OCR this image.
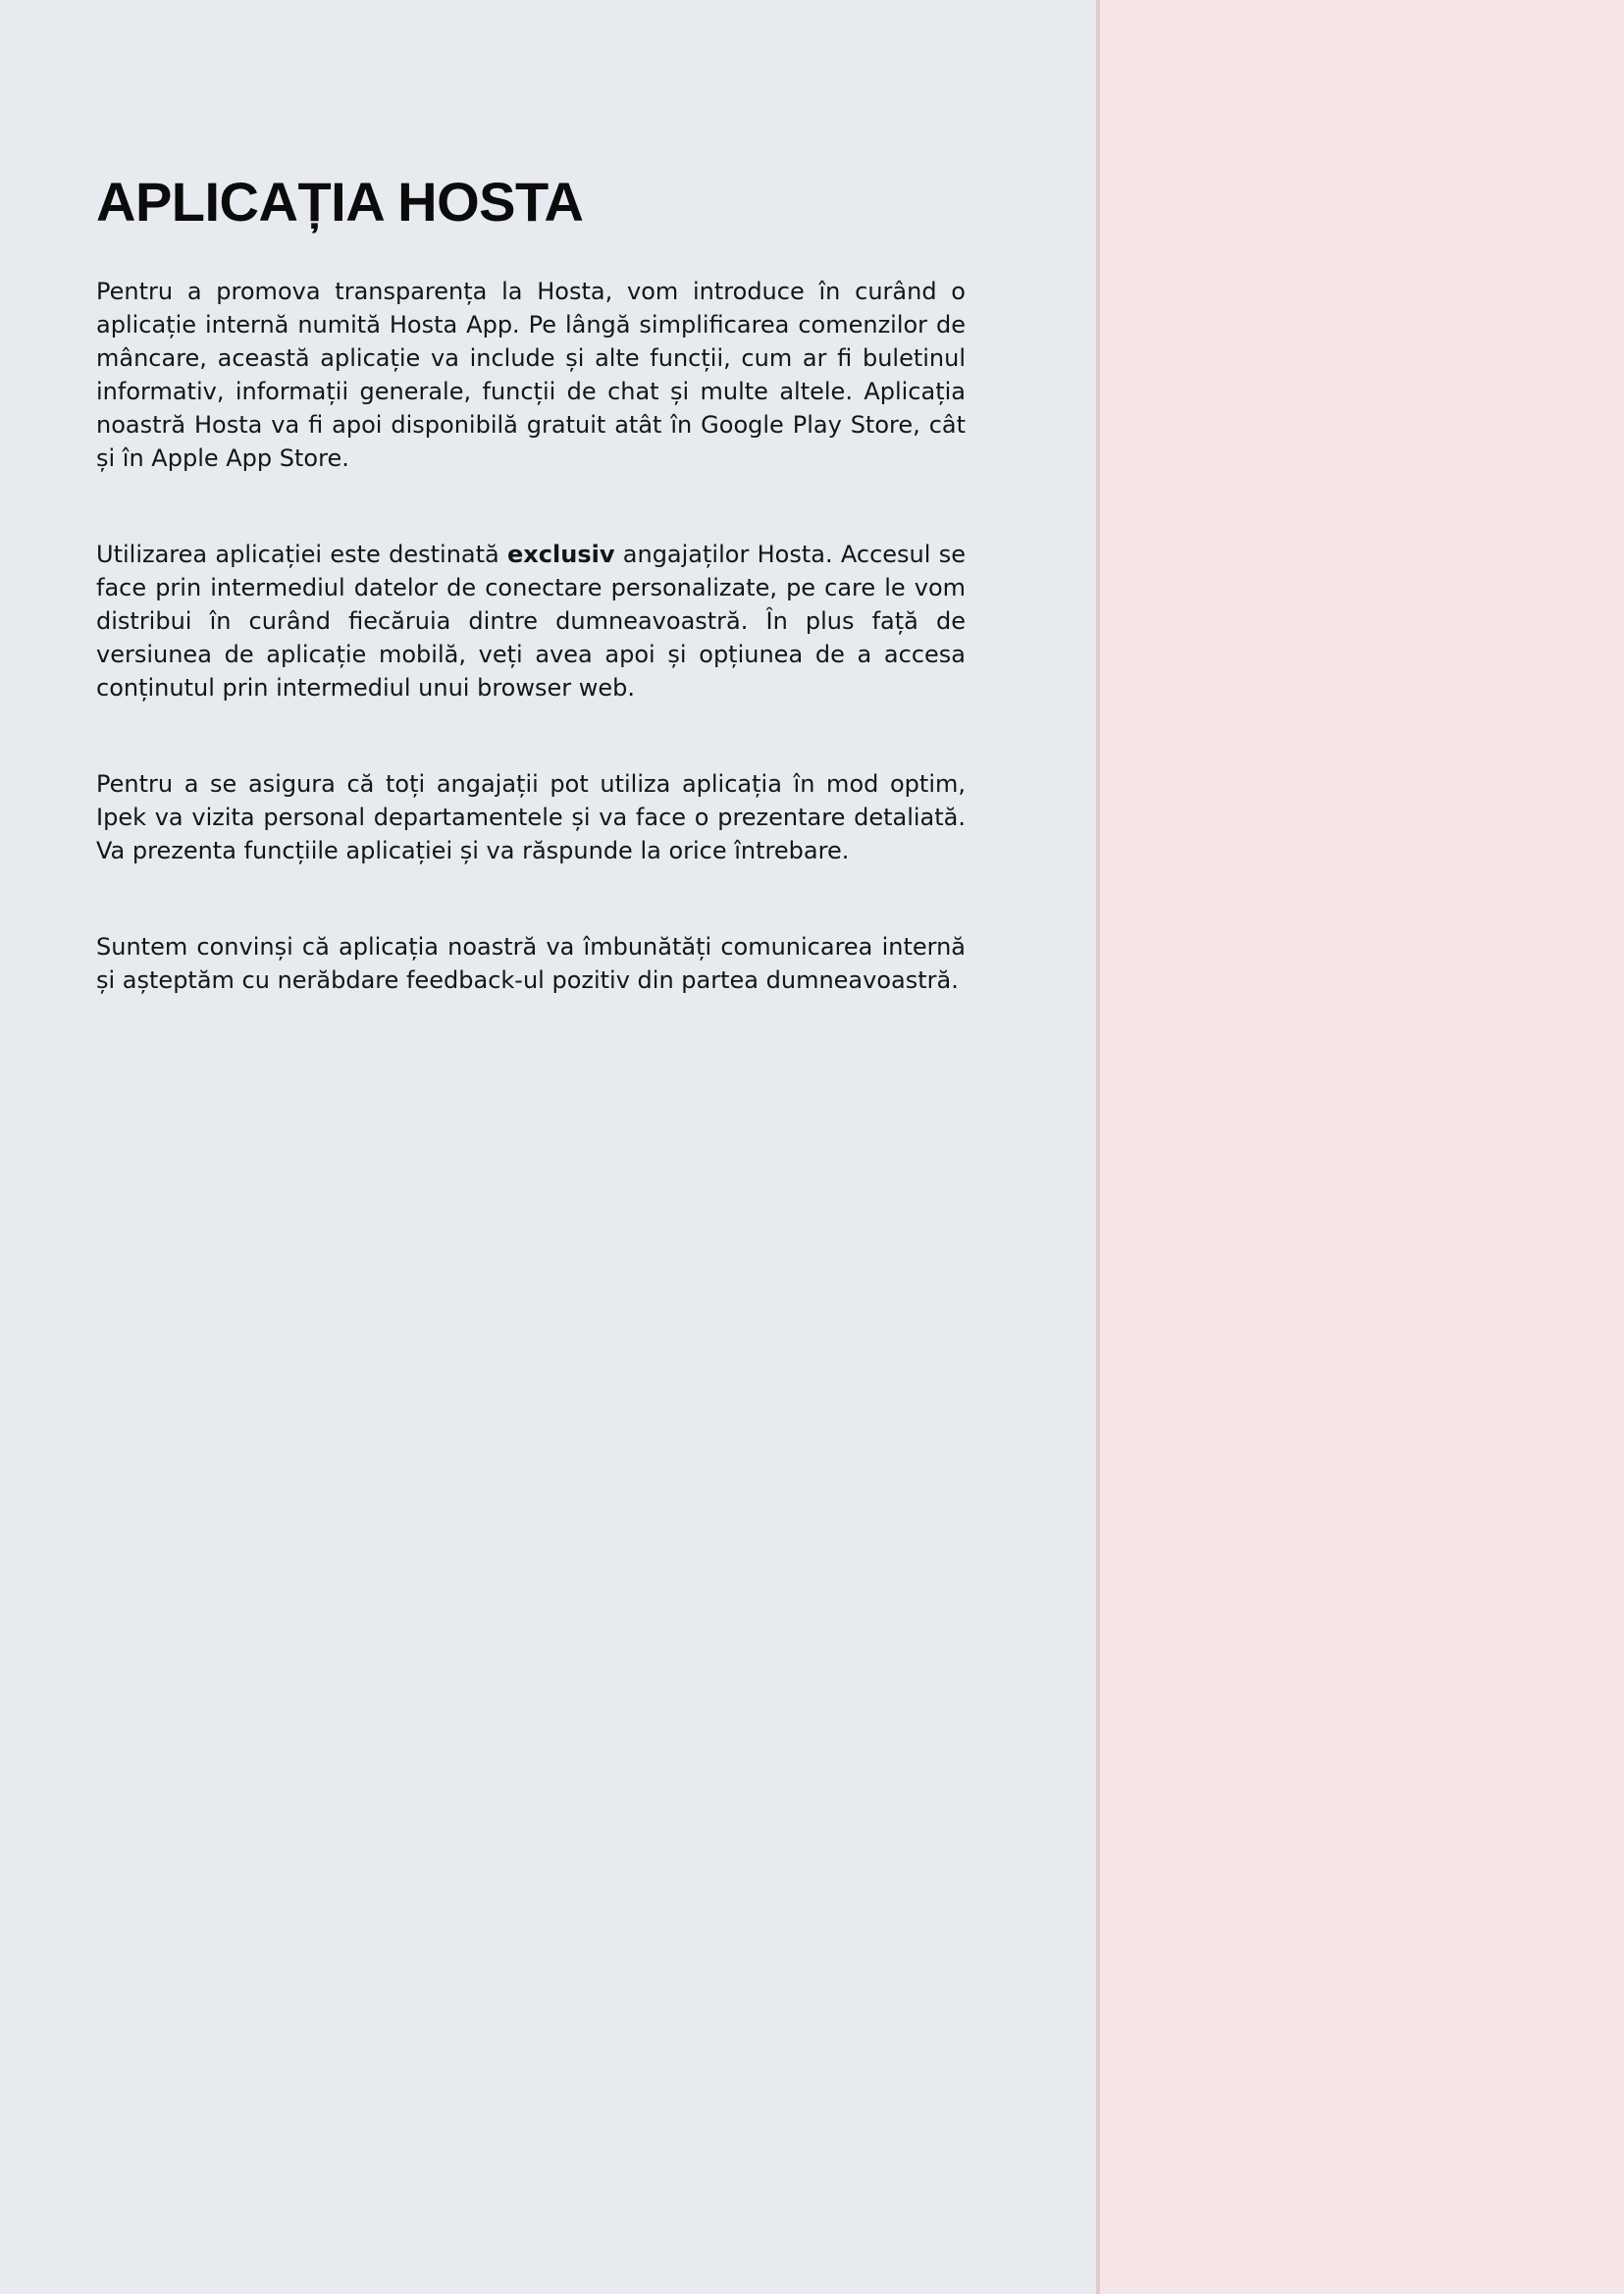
APLICAȚIA HOSTA

Pentru a promova transparența la Hosta, vom introduce în curând o aplicație internă numită Hosta App. Pe lângă simplificarea comenzilor de mâncare, această aplicație va include și alte funcții, cum ar fi buletinul informativ, informații generale, funcții de chat și multe altele. Aplicația noastră Hosta va fi apoi disponibilă gratuit atât în Google Play Store, cât și în Apple App Store.

Utilizarea aplicației este destinată exclusiv angajaților Hosta. Accesul se face prin intermediul datelor de conectare personalizate, pe care le vom distribui în curând fiecăruia dintre dumneavoastră. În plus față de versiunea de aplicație mobilă, veți avea apoi și opțiunea de a accesa conținutul prin intermediul unui browser web.

Pentru a se asigura că toți angajații pot utiliza aplicația în mod optim, Ipek va vizita personal departamentele și va face o prezentare detaliată. Va prezenta funcțiile aplicației și va răspunde la orice întrebare.

Suntem convinși că aplicația noastră va îmbunătăți comunicarea internă și așteptăm cu nerăbdare feedback-ul pozitiv din partea dumneavoastră.
